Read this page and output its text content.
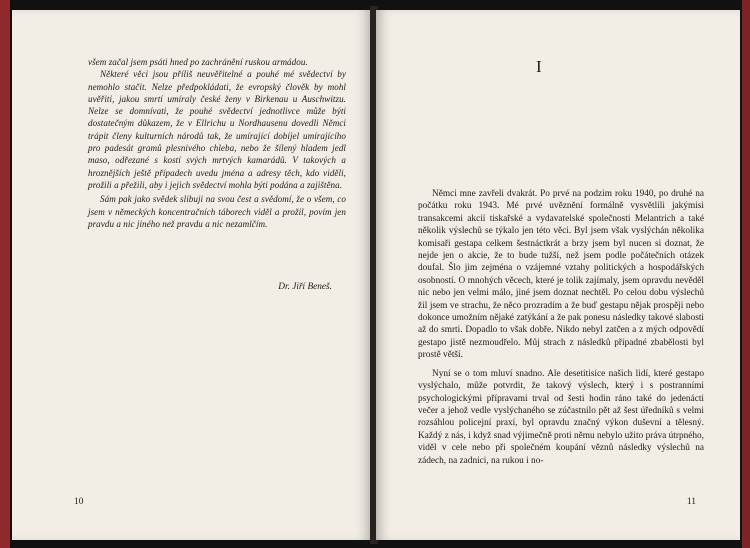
všem začal jsem psáti hned po zachránění ruskou armádou.

Některé věci jsou příliš neuvěřitelné a pouhé mé svědectví by nemohlo stačit. Nelze předpokládati, že evropský člověk by mohl uvěřiti, jakou smrtí umíraly české ženy v Birkenau u Auschwitzu. Nelze se domnívati, že pouhé svědectví jednotlivce může býti dostatečným důkazem, že v Ellrichu u Nordhausenu dovedli Němci trápit členy kulturních národů tak, že umírající dobíjel umírajícího pro padesát gramů plesnivého chleba, nebo že šílený hladem jedl maso, odřezané s kostí svých mrtvých kamarádů. V takových a hroznějších ještě případech uvedu jména a adresy těch, kdo viděli, prožili a přežili, aby i jejich svědectví mohla býti podána a zajištěna.

Sám pak jako svědek slibuji na svou čest a svědomí, že o všem, co jsem v německých koncentračních táborech viděl a prožil, povím jen pravdu a nic jiného než pravdu a nic nezamlčím.

Dr. Jiří Beneš.
10
I

Němci mne zavřeli dvakrát. Po prvé na podzim roku 1940, po druhé na počátku roku 1943. Mé prvé uvěznění formálně vysvětlili jakýmisi transakcemi akcií tiskařské a vydavatelské společnosti Melantrich a také několik výslechů se týkalo jen této věci. Byl jsem však vyslýchán několika komisaři gestapa celkem šestnáctkrát a brzy jsem byl nucen si doznat, že nejde jen o akcie, že to bude tužší, než jsem podle počátečních otázek doufal. Šlo jim zejména o vzájemné vztahy politických a hospodářských osobností. O mnohých věcech, které je tolik zajímaly, jsem opravdu nevěděl nic nebo jen velmi málo, jiné jsem doznat nechtěl. Po celou dobu výslechů žil jsem ve strachu, že něco prozradím a že buď gestapu nějak prospěji nebo dokonce umožním nějaké zatýkání a že pak ponesu následky takové slabosti až do smrti. Dopadlo to však dobře. Nikdo nebyl zatčen a z mých odpovědí gestapo jistě nezmoudřelo. Můj strach z následků případné zbabělosti byl prostě větší.

Nyní se o tom mluví snadno. Ale desetitisíce našich lidí, které gestapo vyslýchalo, může potvrdit, že takový výslech, který i s postranními psychologickými přípravami trval od šesti hodin ráno také do jedenácti večer a jehož vedle vyslýchaného se zúčastnilo pět až šest úředníků s velmi rozsáhlou policejní praxí, byl opravdu značný výkon duševní a tělesný. Každý z nás, i když snad výjimečně proti němu nebylo užito práva útrpného, viděl v cele nebo při společném koupání věznů následky výslechů na zádech, na zadnici, na rukou i no-

11
